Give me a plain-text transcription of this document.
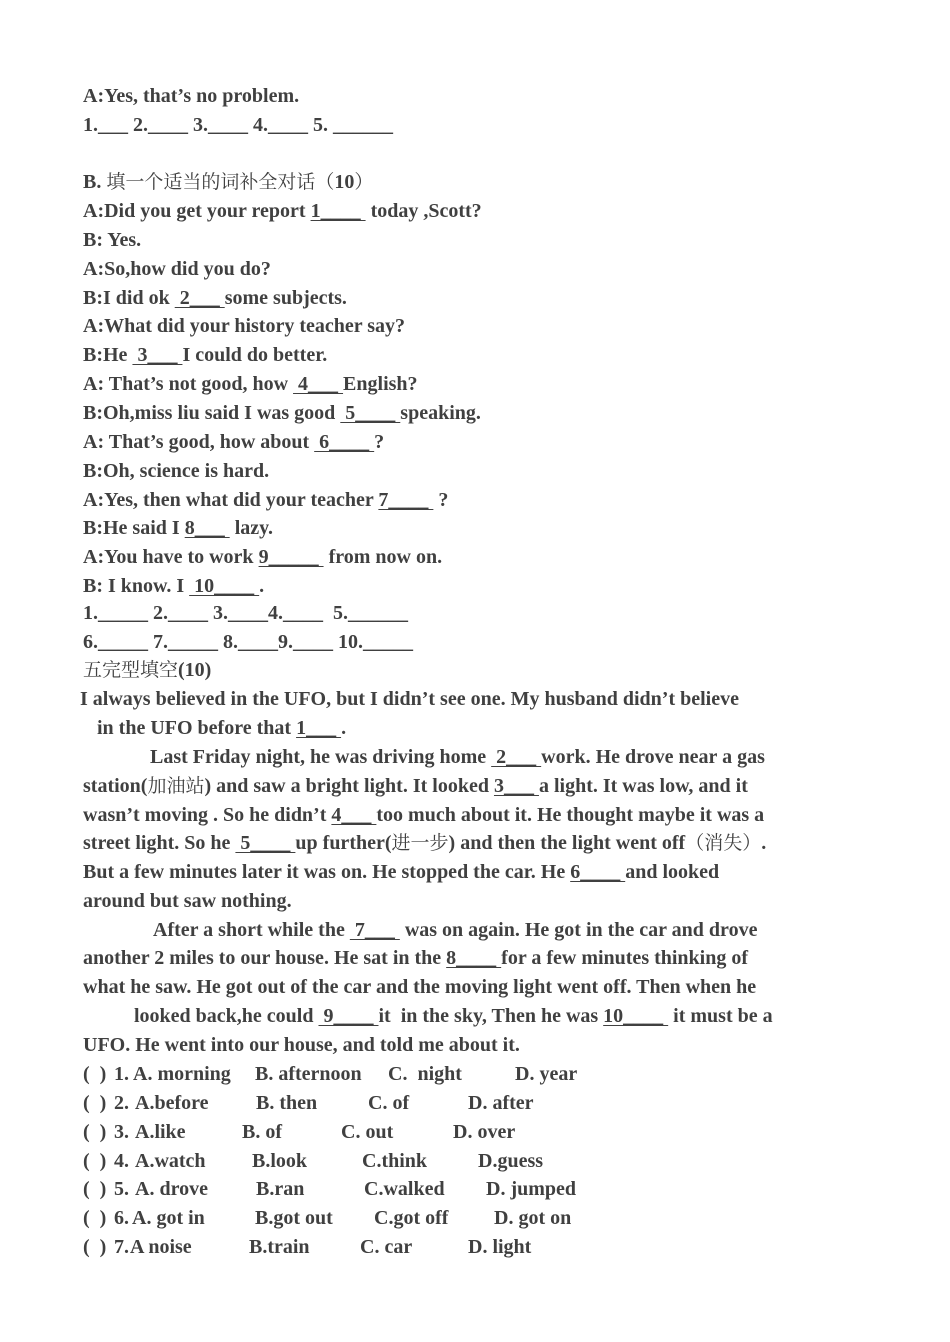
A:Yes, that’s no problem.
1.___ 2.____ 3.____ 4.____ 5. ______
B. 填一个适当的词补全对话（10）
A:Did you get your report 1____  today ,Scott?
B: Yes.
A:So,how did you do?
B:I did ok  2___ some subjects.
A:What did your history teacher say?
B:He  3___ I could do better.
A: That’s not good, how  4___ English?
B:Oh,miss liu said I was good  5____ speaking.
A: That’s good, how about  6____ ?
B:Oh, science is hard.
A:Yes, then what did your teacher 7____  ?
B:He said I 8___  lazy.
A:You have to work 9_____  from now on.
B: I know. I  10____ .
1._____ 2.____ 3.____4.____  5.______
6._____ 7._____ 8.____9.____ 10._____
五完型填空(10)
I always believed in the UFO, but I didn’t see one. My husband didn’t believe
in the UFO before that 1___ .
Last Friday night, he was driving home  2___ work. He drove near a gas
station(加油站) and saw a bright light. It looked 3___ a light. It was low, and it
wasn’t moving . So he didn’t 4___ too much about it. He thought maybe it was a
street light. So he  5____ up further(进一步) and then the light went off（消失）.
But a few minutes later it was on. He stopped the car. He 6____ and looked
around but saw nothing.
After a short while the  7___  was on again. He got in the car and drove
another 2 miles to our house. He sat in the 8____ for a few minutes thinking of
what he saw. He got out of the car and the moving light went off. Then when he
looked back,he could  9____ it  in the sky, Then he was 10____  it must be a
UFO. He went into our house, and told me about it.
(  ) 1. A. morning B. afternoon C.  night	D. year
(  ) 2. A.before B. then	C. of	D. after
(  ) 3. A.like	B. of	C. out	D. over
(  ) 4. A.watch B.look	C.think	D.guess
(  ) 5. A. drove B.ran	C.walked D. jumped
(  ) 6. A. got in	B.got out C.got off D. got on
(  ) 7. A noise	B.train	C. car	D. light
